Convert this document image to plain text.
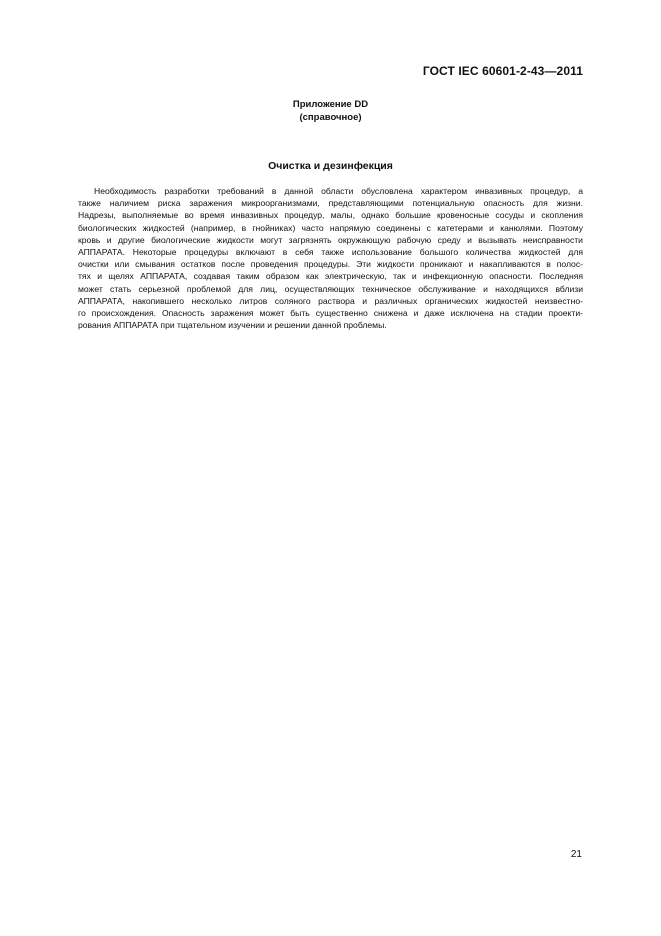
ГОСТ IEC 60601-2-43—2011
Приложение DD
(справочное)
Очистка и дезинфекция
Необходимость разработки требований в данной области обусловлена характером инвазивных процедур, а
также наличием риска заражения микроорганизмами, представляющими потенциальную опасность для жизни.
Надрезы, выполняемые во время инвазивных процедур, малы, однако большие кровеносные сосуды и скопления
биологических жидкостей (например, в гнойниках) часто напрямую соединены с катетерами и канюлями. Поэтому
кровь и другие биологические жидкости могут загрязнять окружающую рабочую среду и вызывать неисправности
АППАРАТА. Некоторые процедуры включают в себя также использование большого количества жидкостей для
очистки или смывания остатков после проведения процедуры. Эти жидкости проникают и накапливаются в полос-
тях и щелях АППАРАТА, создавая таким образом как электрическую, так и инфекционную опасности. Последняя
может стать серьезной проблемой для лиц, осуществляющих техническое обслуживание и находящихся вблизи
АППАРАТА, накопившего несколько литров соляного раствора и различных органических жидкостей неизвестно-
го происхождения. Опасность заражения может быть существенно снижена и даже исключена на стадии проекти-
рования АППАРАТА при тщательном изучении и решении данной проблемы.
21
